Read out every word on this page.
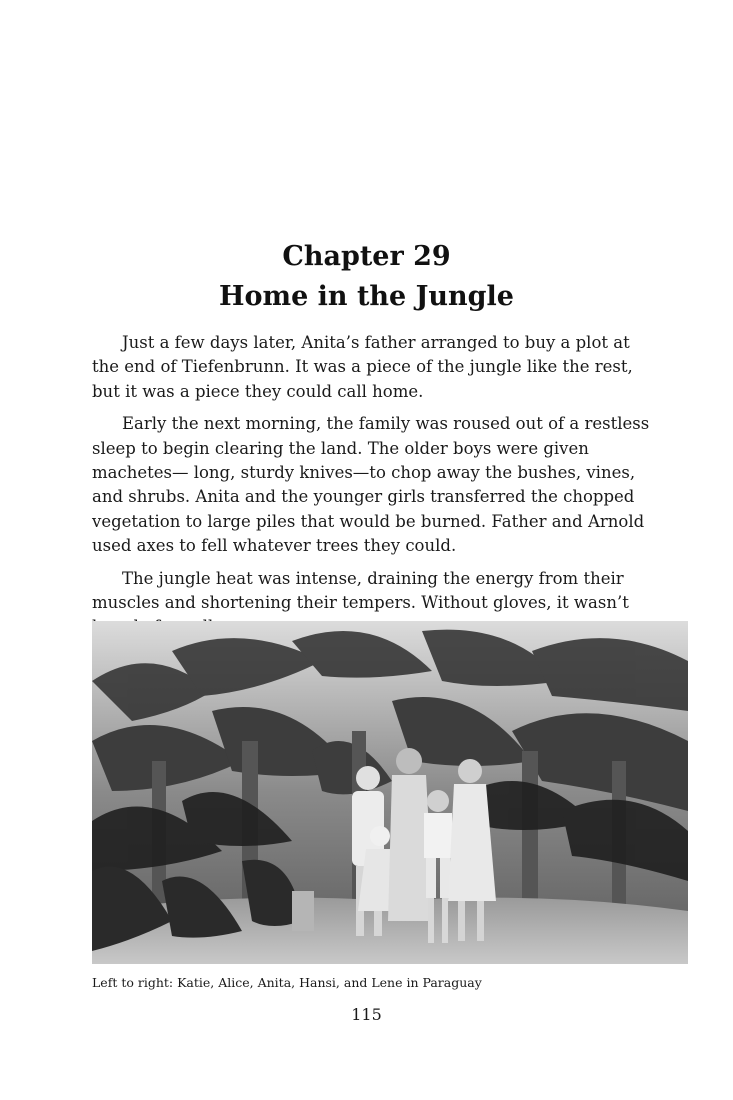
Chapter 29
Home in the Jungle

Just a few days later, Anita’s father arranged to buy a plot at the end of Tiefenbrunn. It was a piece of the jungle like the rest, but it was a piece they could call home.

Early the next morning, the family was roused out of a restless sleep to begin clearing the land. The older boys were given machetes— long, sturdy knives—to chop away the bushes, vines, and shrubs. Anita and the younger girls transferred the chopped vegetation to large piles that would be burned. Father and Arnold used axes to fell whatever trees they could.

The jungle heat was intense, draining the energy from their muscles and shortening their tempers. Without gloves, it wasn’t

Left to right: Katie, Alice, Anita, Hansi, and Lene in Paraguay
115
